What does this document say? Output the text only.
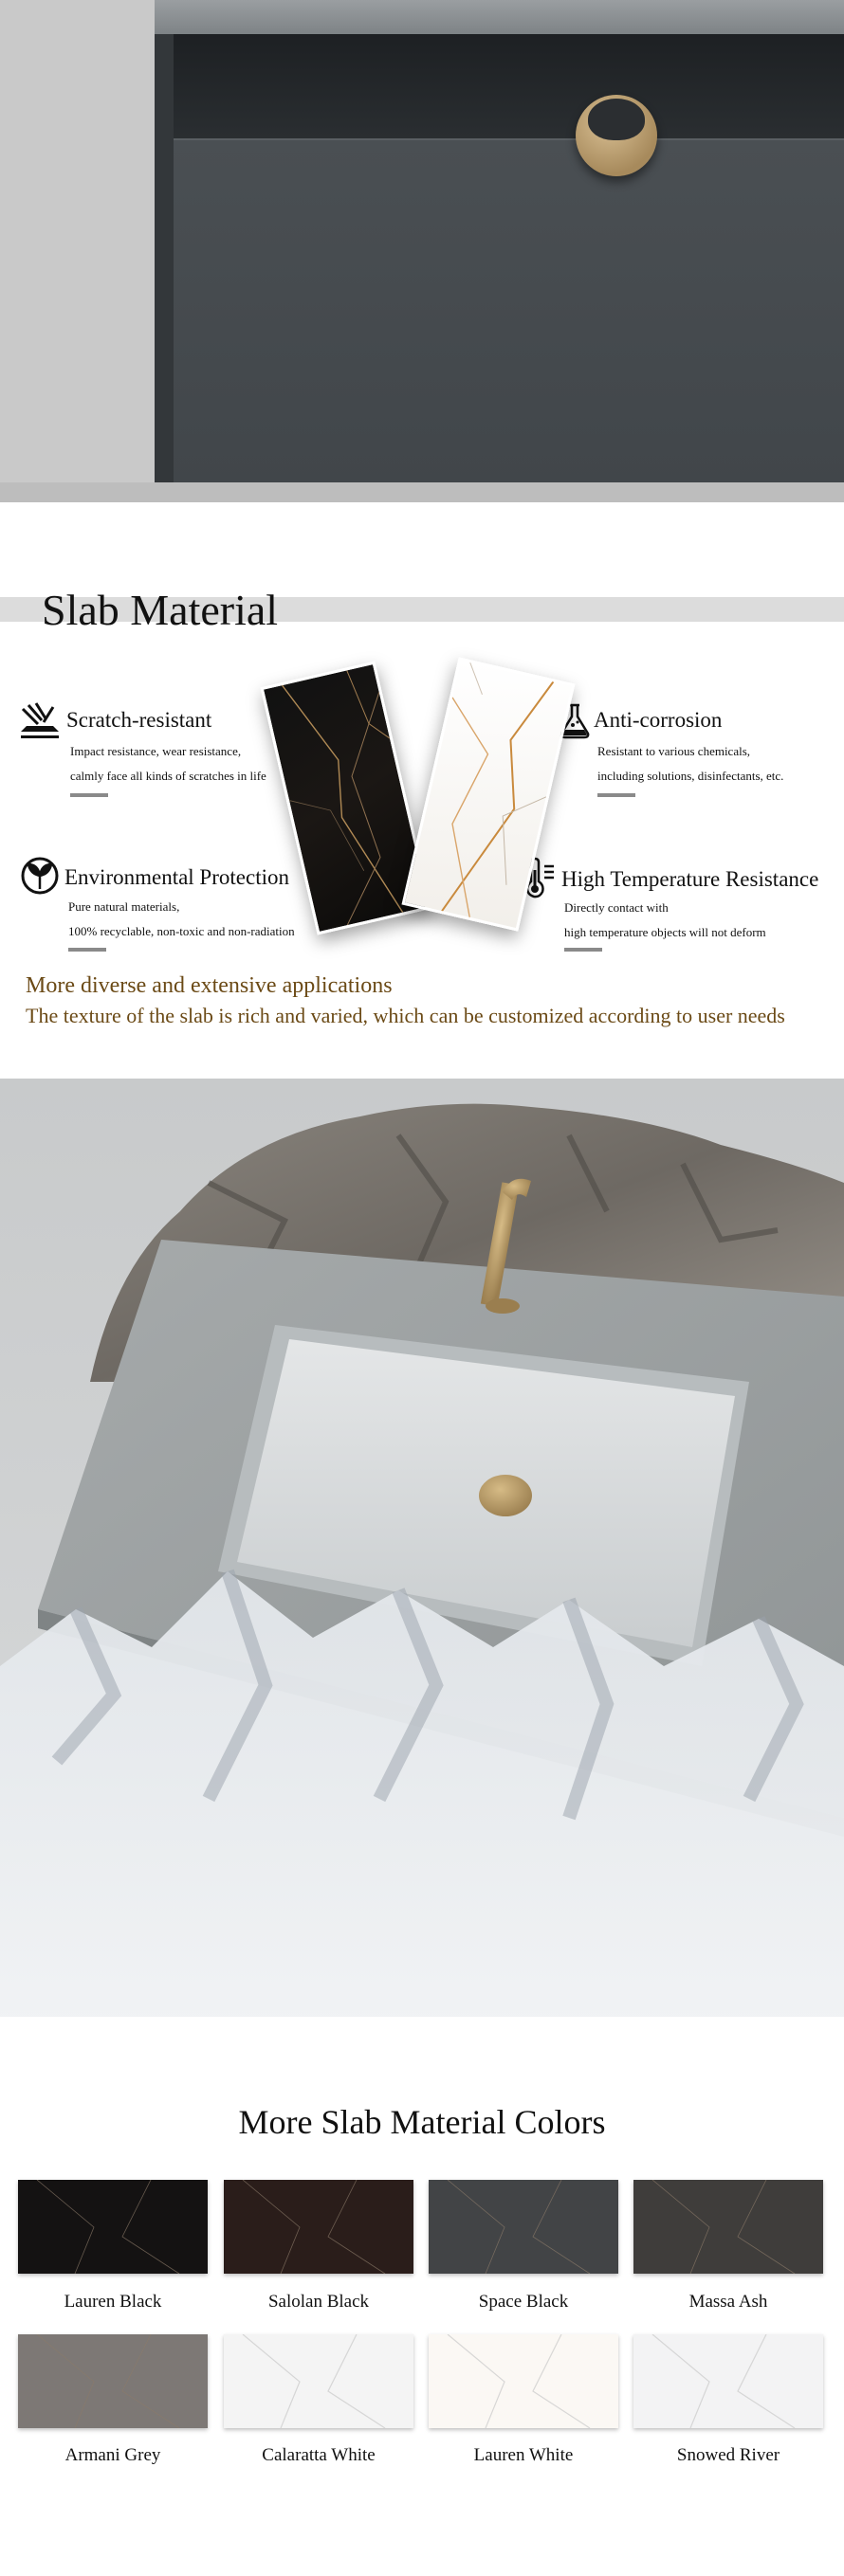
Slab Material
Scratch-resistant
Impact resistance, wear resistance,
calmly face all kinds of scratches in life
Anti-corrosion
Resistant to various chemicals,
including solutions, disinfectants, etc.
Environmental Protection
Pure natural materials,
100% recyclable, non-toxic and non-radiation
High Temperature Resistance
Directly contact with
high temperature objects will not deform
More diverse and extensive applications
The texture of the slab is rich and varied, which can be customized according to user needs
More Slab Material Colors
Lauren Black	Salolan Black	Space Black	Massa Ash
Armani Grey	Calaratta White	Lauren White	Snowed River
